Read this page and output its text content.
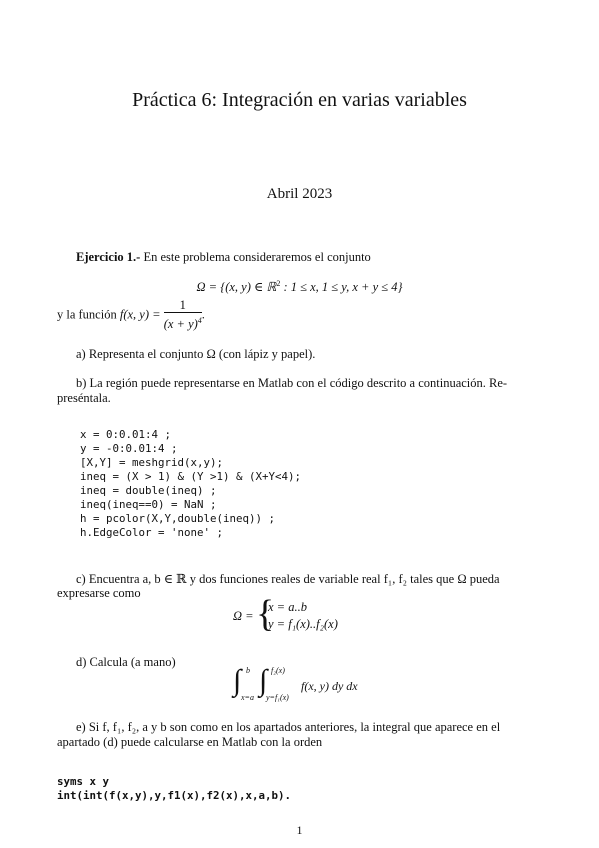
Práctica 6: Integración en varias variables
Abril 2023
Ejercicio 1.- En este problema consideraremos el conjunto
Ω = {(x, y) ∈ ℝ$^2$ : 1 ≤ x, 1 ≤ y, x + y ≤ 4}
y la función f(x, $y) = \frac{1}{(x + y)^4}$ .
a) Representa el conjunto Ω (con lápiz y papel).
b) La región puede representarse en Matlab con el código descrito a continuación. Re-
preséntala.
x = 0:0.01:4 ;
y = -0:0.01:4 ;
[X,Y] = meshgrid(x,y);
ineq = (X > 1) & (Y >1) & (X+Y<4);
ineq = double(ineq) ;
ineq(ineq==0) = NaN ;
h = pcolor(X,Y,double(ineq)) ;
h.EdgeColor = 'none' ;
c) Encuentra a, b ∈ ℝ y dos funciones reales de variable real f₁, f₂ tales que Ω pueda
expresarse como
Ω = {
x = a..b
y = f₁(x)..f₂(x)
d) Calcula (a mano)
∫ b
x=a
∫ f₂(x)
y=f₁(x)
f(x, y) dy dx
e) Si f, f₁, f₂, a y b son como en los apartados anteriores, la integral que aparece en el
apartado (d) puede calcularse en Matlab con la orden
syms x y
int(int(f(x,y),y,f1(x),f2(x),x,a,b).
1
